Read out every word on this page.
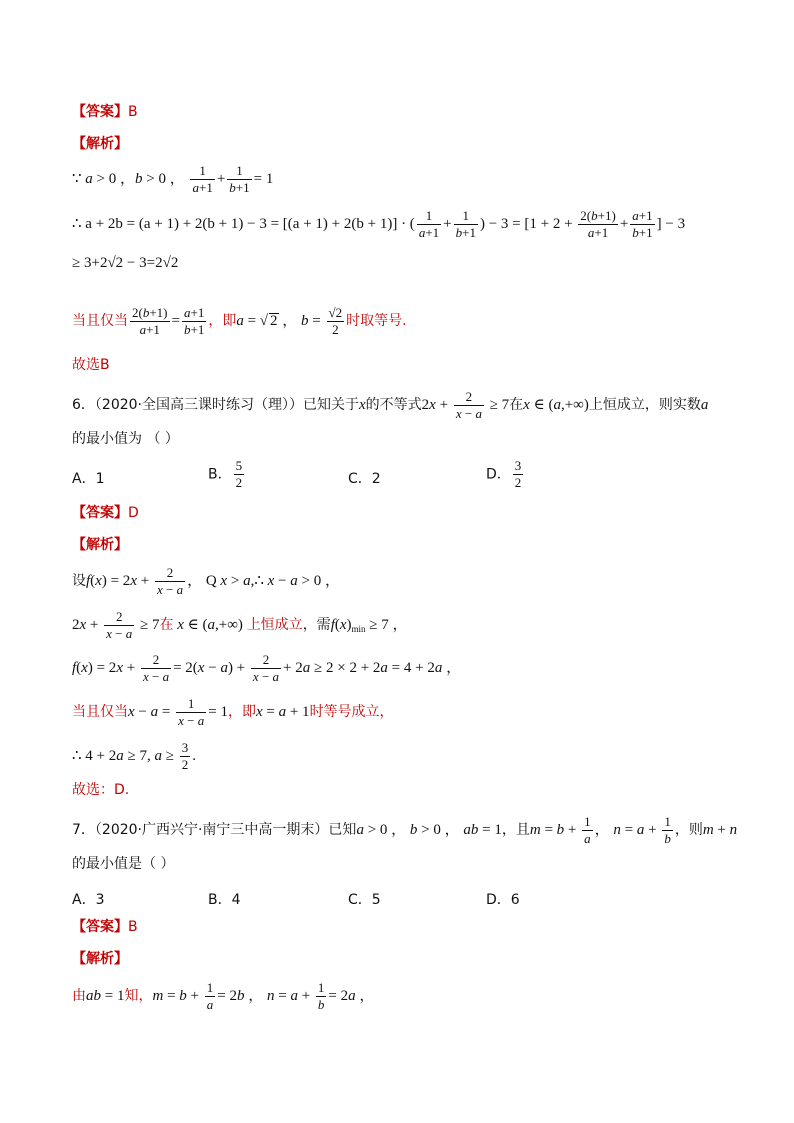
【答案】B
【解析】
∵ a > 0 ，b > 0 ， $\frac{1}{a+1} + \frac{1}{b+1} = 1$
∴ a + 2b = (a + 1) + 2(b + 1) − 3 = [(a + 1) + 2(b + 1)] · ( $\frac{1}{a+1} + \frac{1}{b+1}$ ) − $3 = [1 + 2 + \frac{2(b+1)}{a+1} + \frac{a+1}{b+1}$ ] − 3
≥ 3+2√2 − 3=2√2
当且仅当 $\frac{2(b+1)}{a+1} = \frac{a+1}{b+1}$ ，即a = √ 2 ， $b = \frac{√2}{2}$ 时取等号.
故选B
6．（2020·全国高三课时练习（理））已知关于x的不等式$2x + \frac{2}{x - a} \ge 7$在x ∈ (a,+∞)上恒成立，则实数a
的最小值为 （ ）
A．1	B． $\frac{5}{2}$	C．2	D． $\frac{3}{2}$
【答案】D
【解析】
设$f(x) = 2x + \frac{2}{x - a}$ ， Q x > a,∴ x − a > 0 ，
$2x + \frac{2}{x - a} \ge 7$在 x ∈ (a,+∞) 上恒成立，需$f(x)_{min} \ge 7$ ，
$f(x) = 2x + \frac{2}{x - a} = 2(x - a) + \frac{2}{x - a} + 2a \ge 2 \times 2 + 2a = 4 + 2a$ ，
当且仅当$x - a = \frac{1}{x - a} = 1$，即x = a + 1时等号成立，
∴ 4 + 2a ≥ 7, $a \ge \frac{3}{2}$ .
故选：D.
7．（2020·广西兴宁·南宁三中高一期末）已知a > 0 ， b > 0 ， ab = 1，且$m = b + \frac{1}{a}$ ， $n = a + \frac{1}{b}$ ，则m + n
的最小值是（ ）
A．3	B．4	C．5	D．6
【答案】B
【解析】
由ab = 1知，$m = b + \frac{1}{a} = 2b$ ， $n = a + \frac{1}{b} = 2a$ ，
